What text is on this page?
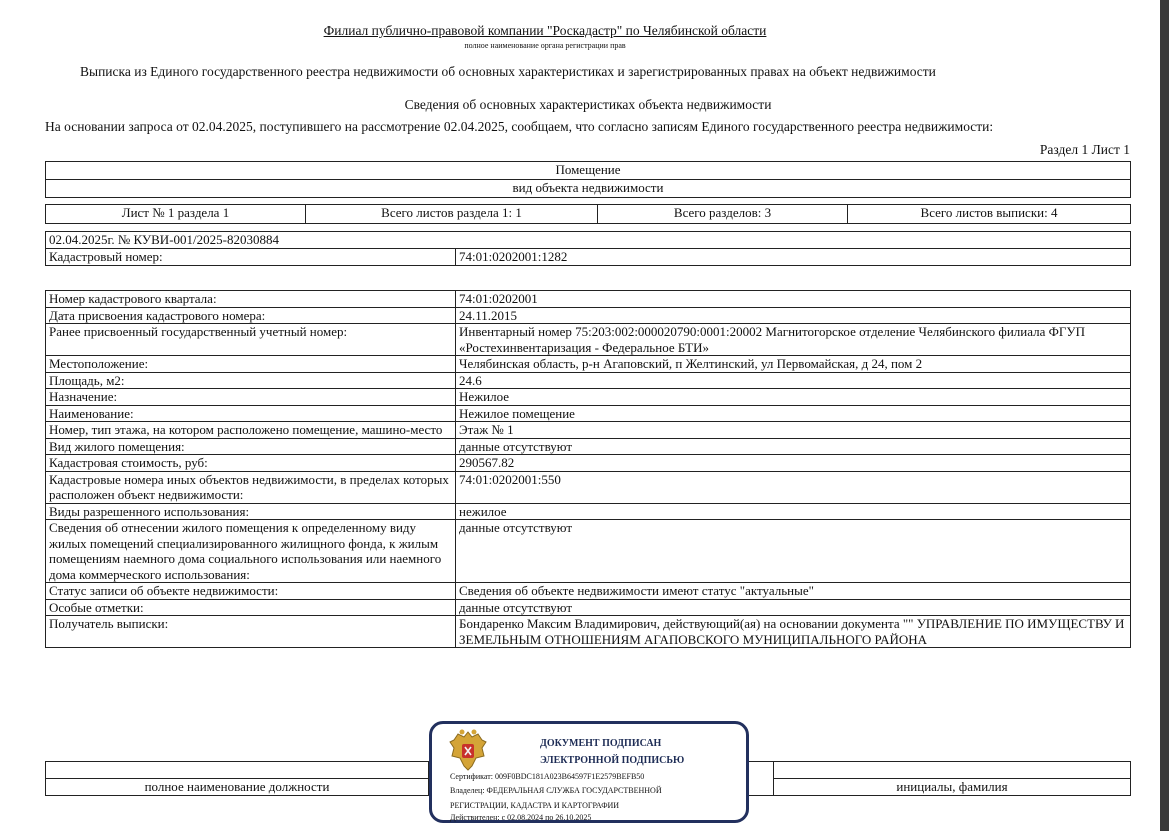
Филиал публично-правовой компании "Роскадастр" по Челябинской области
полное наименование органа регистрации прав
Выписка из Единого государственного реестра недвижимости об основных характеристиках и зарегистрированных правах на объект недвижимости
Сведения об основных характеристиках объекта недвижимости
На основании запроса от 02.04.2025, поступившего на рассмотрение 02.04.2025, сообщаем, что согласно записям Единого государственного реестра недвижимости:
Раздел 1 Лист 1
Помещение
вид объекта недвижимости
Лист № 1 раздела 1	Всего листов раздела 1: 1	Всего разделов: 3	Всего листов выписки: 4
02.04.2025г. № КУВИ-001/2025-82030884
Кадастровый номер:	74:01:0202001:1282
Номер кадастрового квартала:	74:01:0202001
Дата присвоения кадастрового номера:	24.11.2015
Ранее присвоенный государственный учетный номер:	Инвентарный номер 75:203:002:000020790:0001:20002 Магнитогорское отделение Челябинского филиала ФГУП «Ростехинвентаризация - Федеральное БТИ»
Местоположение:	Челябинская область, р-н Агаповский, п Желтинский, ул Первомайская, д 24, пом 2
Площадь, м2:	24.6
Назначение:	Нежилое
Наименование:	Нежилое помещение
Номер, тип этажа, на котором расположено помещение, машино-место	Этаж № 1
Вид жилого помещения:	данные отсутствуют
Кадастровая стоимость, руб:	290567.82
Кадастровые номера иных объектов недвижимости, в пределах которых расположен объект недвижимости:	74:01:0202001:550
Виды разрешенного использования:	нежилое
Сведения об отнесении жилого помещения к определенному виду жилых помещений специализированного жилищного фонда, к жилым помещениям наемного дома социального использования или наемного дома коммерческого использования:	данные отсутствуют
Статус записи об объекте недвижимости:	Сведения об объекте недвижимости имеют статус "актуальные"
Особые отметки:	данные отсутствуют
Получатель выписки:	Бондаренко Максим Владимирович, действующий(ая) на основании документа "" УПРАВЛЕНИЕ ПО ИМУЩЕСТВУ И ЗЕМЕЛЬНЫМ ОТНОШЕНИЯМ АГАПОВСКОГО МУНИЦИПАЛЬНОГО РАЙОНА

полное наименование должности		инициалы, фамилия
ДОКУМЕНТ ПОДПИСАН
ЭЛЕКТРОННОЙ ПОДПИСЬЮ
Сертификат: 009F0BDC181A023B64597F1E2579BEFB50
Владелец: ФЕДЕРАЛЬНАЯ СЛУЖБА ГОСУДАРСТВЕННОЙ
РЕГИСТРАЦИИ, КАДАСТРА И КАРТОГРАФИИ
Действителен: с 02.08.2024 по 26.10.2025
